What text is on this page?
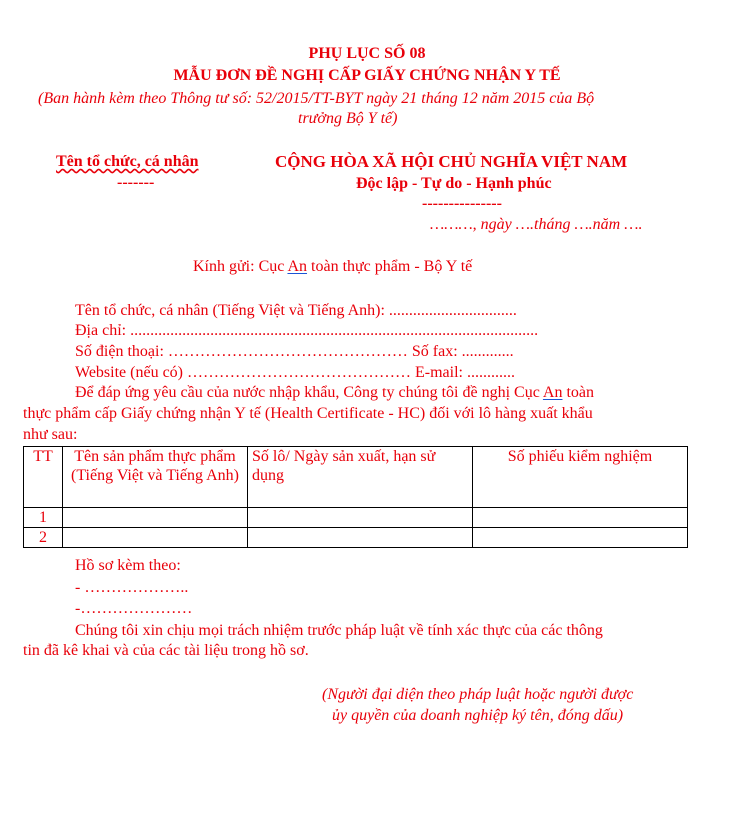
PHỤ LỤC SỐ 08
MẪU ĐƠN ĐỀ NGHỊ CẤP GIẤY CHỨNG NHẬN Y TẾ
(Ban hành kèm theo Thông tư số: 52/2015/TT-BYT ngày 21 tháng 12 năm 2015 của Bộ
trưởng Bộ Y tế)
Tên tổ chức, cá nhân
-------
CỘNG HÒA XÃ HỘI CHỦ NGHĨA VIỆT NAM
Độc lập - Tự do - Hạnh phúc
---------------
………, ngày ….tháng ….năm ….
Kính gửi: Cục An toàn thực phẩm - Bộ Y tế
Tên tổ chức, cá nhân (Tiếng Việt và Tiếng Anh): ................................
Địa chỉ: ......................................................................................................
Số điện thoại: ……………………………………… Số fax: .............
Website (nếu có) …………………………………… E-mail: ............
Để đáp ứng yêu cầu của nước nhập khẩu, Công ty chúng tôi đề nghị Cục An toàn
thực phẩm cấp Giấy chứng nhận Y tế (Health Certificate - HC) đối với lô hàng xuất khẩu
như sau:
TT	Tên sản phẩm thực phẩm (Tiếng Việt và Tiếng Anh)	Số lô/ Ngày sản xuất, hạn sử dụng	Số phiếu kiểm nghiệm
1			
2			
Hồ sơ kèm theo:
- ………………..
-…………………
Chúng tôi xin chịu mọi trách nhiệm trước pháp luật về tính xác thực của các thông
tin đã kê khai và của các tài liệu trong hồ sơ.
(Người đại diện theo pháp luật hoặc người được
ủy quyền của doanh nghiệp ký tên, đóng dấu)
